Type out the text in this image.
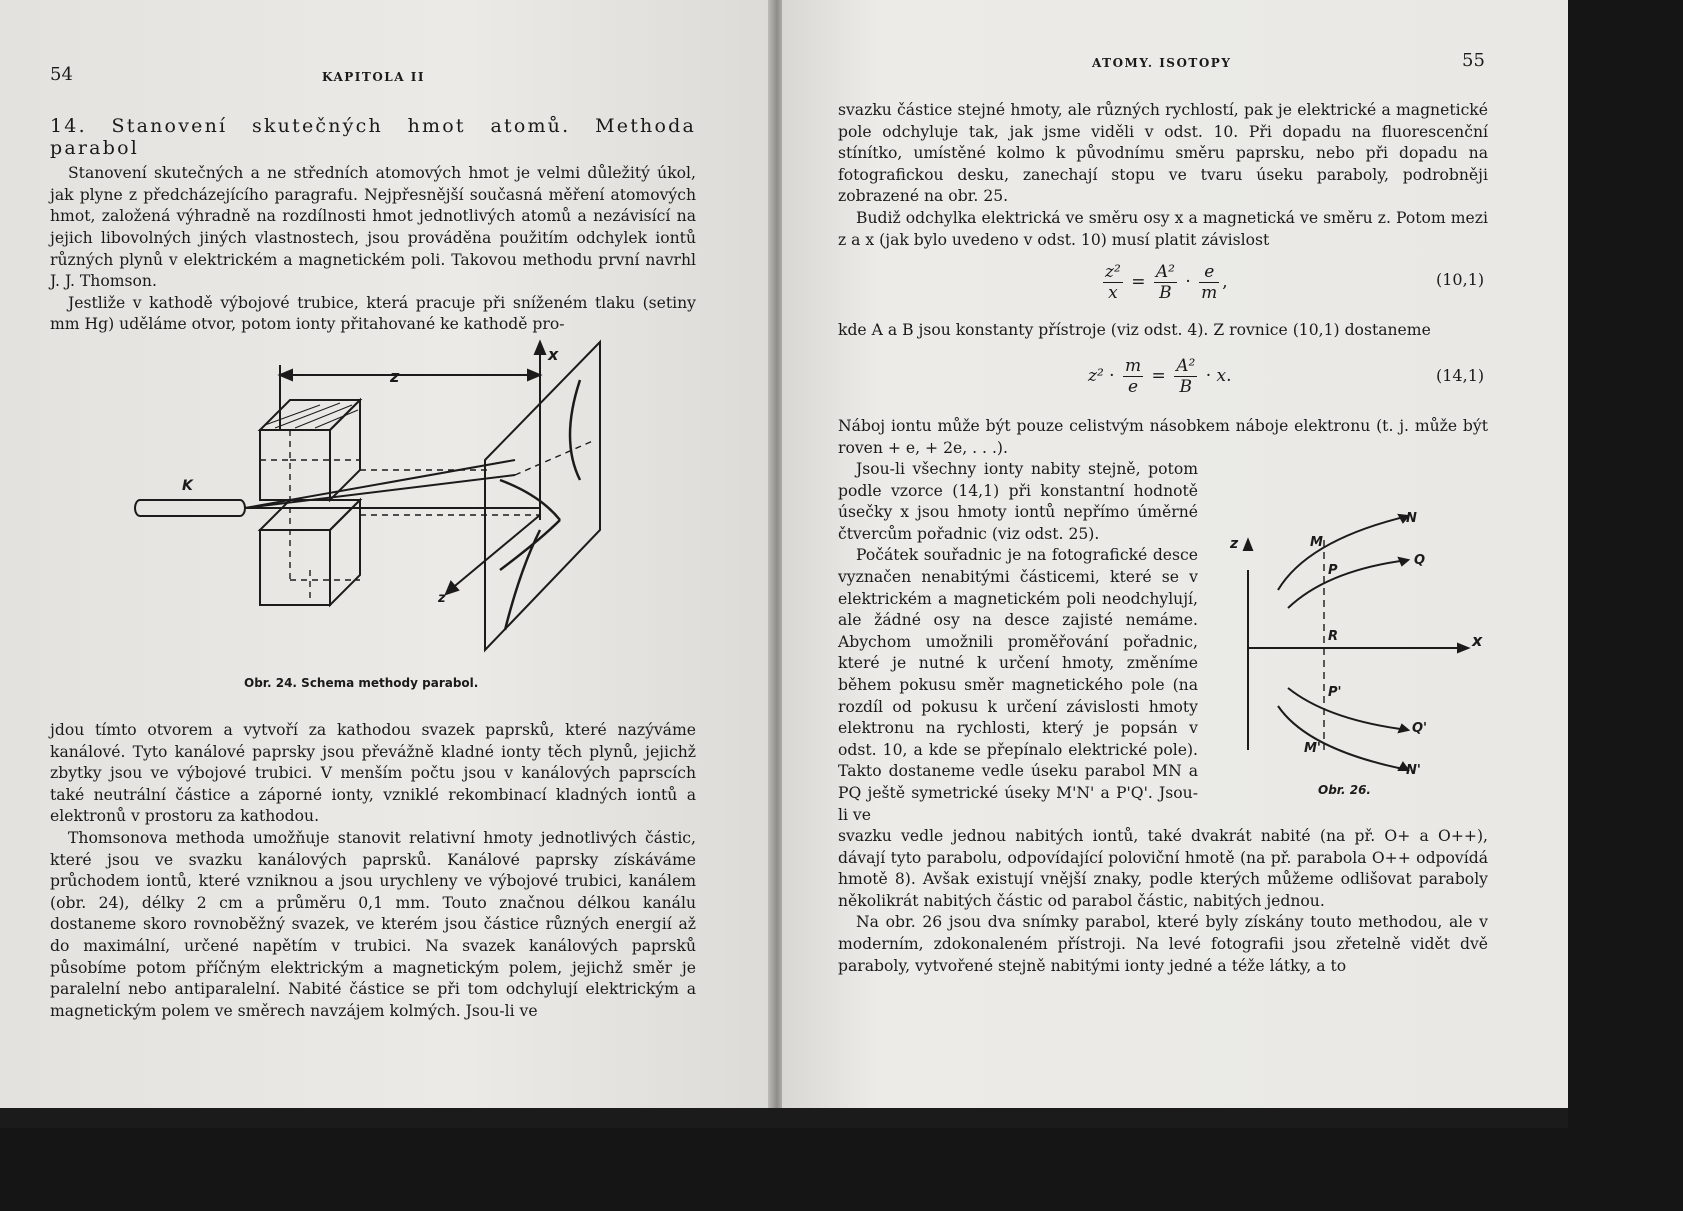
54	KAPITOLA II
14. Stanovení skutečných hmot atomů. Methoda parabol

Stanovení skutečných a ne středních atomových hmot je velmi důležitý úkol, jak plyne z předcházejícího paragrafu. Nejpřesnější současná měření atomových hmot, založená výhradně na rozdílnosti hmot jednotlivých atomů a nezávisící na jejich libovolných jiných vlastnostech, jsou prováděna použitím odchylek iontů různých plynů v elektrickém a magnetickém poli. Takovou methodu první navrhl J. J. Thomson.

Jestliže v kathodě výbojové trubice, která pracuje při sníženém tlaku (setiny mm Hg) uděláme otvor, potom ionty přitahované ke kathodě pro-

z
x
K
z
Obr. 24. Schema methody parabol.

jdou tímto otvorem a vytvoří za kathodou svazek paprsků, které nazýváme kanálové. Tyto kanálové paprsky jsou převážně kladné ionty těch plynů, jejichž zbytky jsou ve výbojové trubici. V menším počtu jsou v kanálových paprscích také neutrální částice a záporné ionty, vzniklé rekombinací kladných iontů a elektronů v prostoru za kathodou.

Thomsonova methoda umožňuje stanovit relativní hmoty jednotlivých částic, které jsou ve svazku kanálových paprsků. Kanálové paprsky získáváme průchodem iontů, které vzniknou a jsou urychleny ve výbojové trubici, kanálem (obr. 24), délky 2 cm a průměru 0,1 mm. Touto značnou délkou kanálu dostaneme skoro rovnoběžný svazek, ve kterém jsou částice různých energií až do maximální, určené napětím v trubici. Na svazek kanálových paprsků působíme potom příčným elektrickým a magnetickým polem, jejichž směr je paralelní nebo antiparalelní. Nabité částice se při tom odchylují elektrickým a magnetickým polem ve směrech navzájem kolmých. Jsou-li ve

ATOMY. ISOTOPY	55

svazku částice stejné hmoty, ale různých rychlostí, pak je elektrické a magnetické pole odchyluje tak, jak jsme viděli v odst. 10. Při dopadu na fluorescenční stínítko, umístěné kolmo k původnímu směru paprsku, nebo při dopadu na fotografickou desku, zanechají stopu ve tvaru úseku paraboly, podrobněji zobrazené na obr. 25.

Budiž odchylka elektrická ve směru osy x a magnetická ve směru z. Potom mezi z a x (jak bylo uvedeno v odst. 10) musí platit závislost

$\frac{\text{z²}}{x} = \frac{\text{A²}}{B} \cdot \frac{e}{m}$ ,	(10,1)

kde A a B jsou konstanty přístroje (viz odst. 4). Z rovnice (10,1) dostaneme

$z^2 \cdot \frac{m}{e} = \frac{\text{A²}}{B} \cdot x$.	(14,1)

Náboj iontu může být pouze celistvým násobkem náboje elektronu (t. j. může být roven + e, + 2e, . . .).

Jsou-li všechny ionty nabity stejně, potom podle vzorce (14,1) při konstantní hodnotě úsečky x jsou hmoty iontů nepřímo úměrné čtvercům pořadnic (viz odst. 25).

Počátek souřadnic je na fotografické desce vyznačen nenabitými částicemi, které se v elektrickém a magnetickém poli neodchylují, ale žádné osy na desce zajisté nemáme. Abychom umožnili proměřování pořadnic, které je nutné k určení hmoty, změníme během pokusu směr magnetického pole (na rozdíl od pokusu k určení závislosti hmoty elektronu na rychlosti, který je popsán v odst. 10, a kde se přepínalo elektrické pole). Takto dostaneme vedle úseku parabol MN a PQ ještě symetrické úseky M'N' a P'Q'. Jsou-li ve

z
x
M
N
P
Q
R
P'
Q'
M'
N'
Obr. 26.

svazku vedle jednou nabitých iontů, také dvakrát nabité (na př. O+ a O++), dávají tyto parabolu, odpovídající poloviční hmotě (na př. parabola O++ odpovídá hmotě 8). Avšak existují vnější znaky, podle kterých můžeme odlišovat paraboly několikrát nabitých částic od parabol částic, nabitých jednou.

Na obr. 26 jsou dva snímky parabol, které byly získány touto methodou, ale v moderním, zdokonaleném přístroji. Na levé fotografii jsou zřetelně vidět dvě paraboly, vytvořené stejně nabitými ionty jedné a téže látky, a to
